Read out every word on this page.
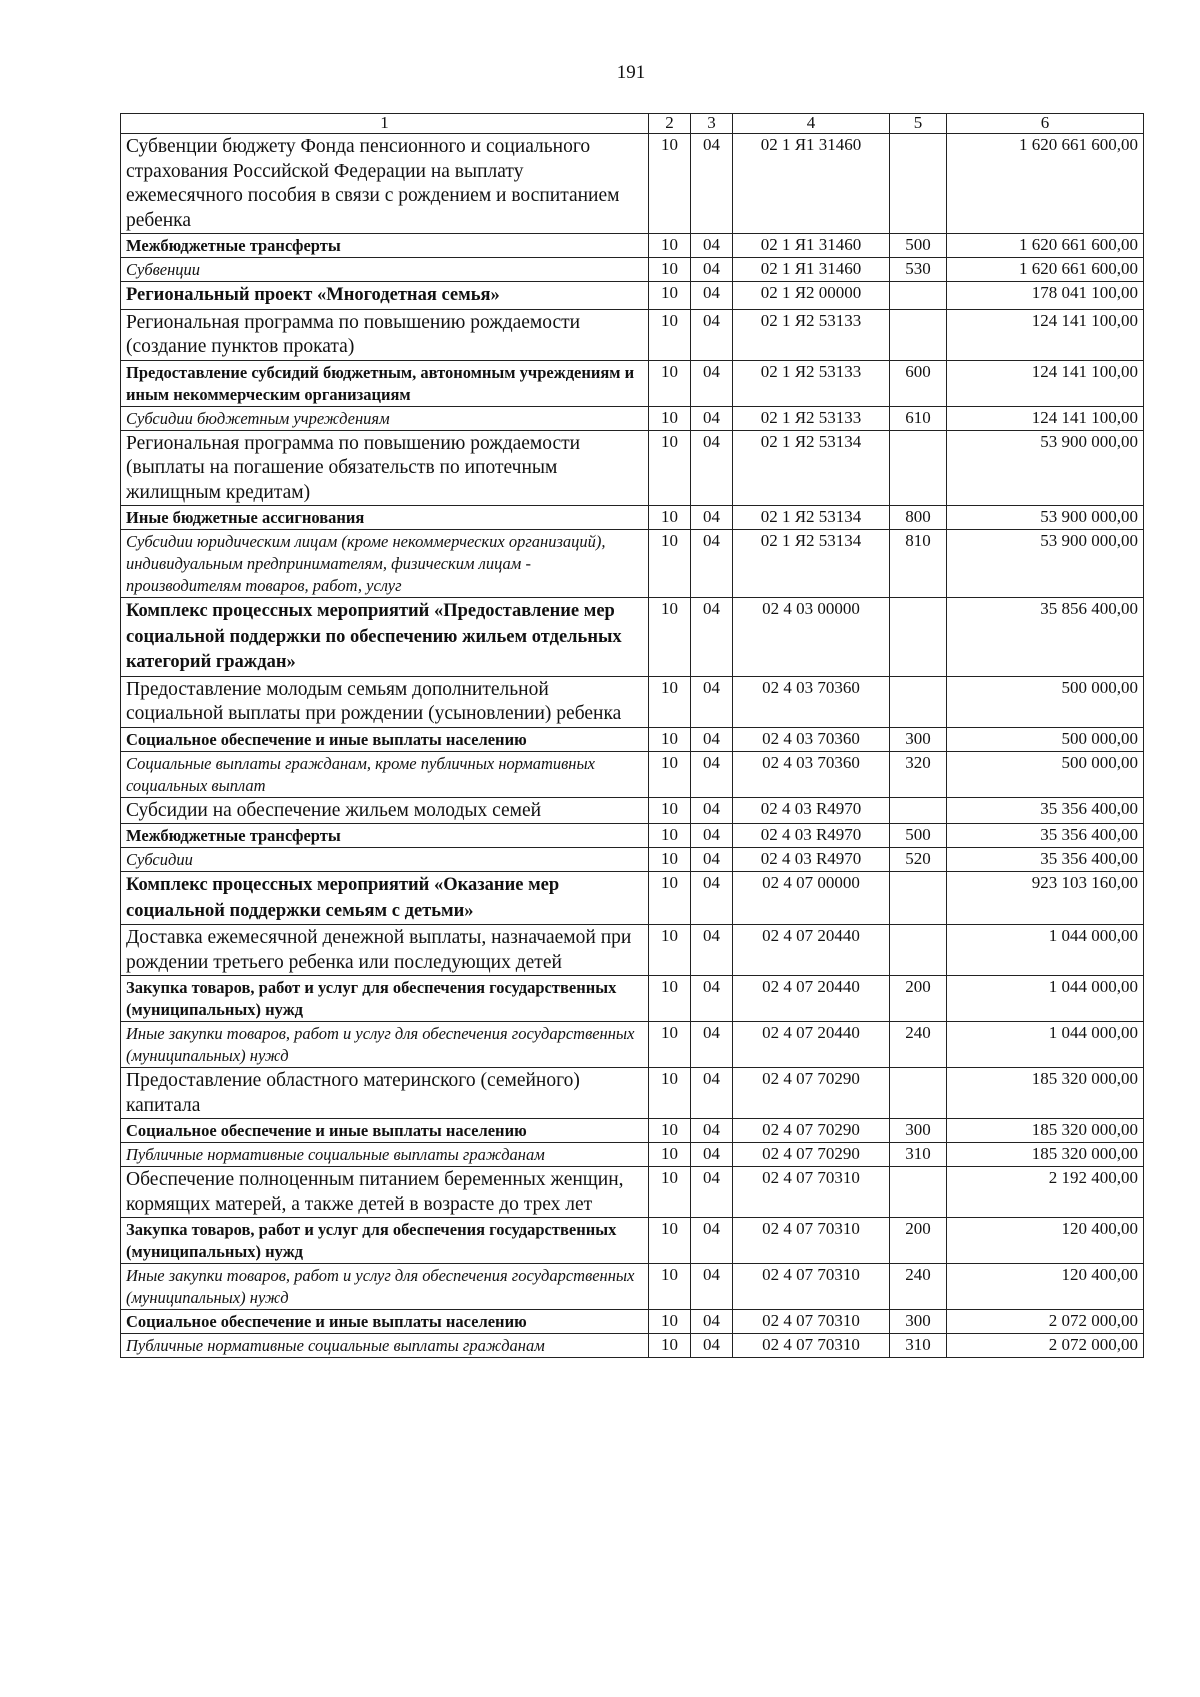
191
1	2	3	4	5	6
Субвенции бюджету Фонда пенсионного и социального страхования Российской Федерации на выплату ежемесячного пособия в связи с рождением и воспитанием ребенка	10	04	02 1 Я1 31460		1 620 661 600,00
Межбюджетные трансферты	10	04	02 1 Я1 31460	500	1 620 661 600,00
Субвенции	10	04	02 1 Я1 31460	530	1 620 661 600,00
Региональный проект «Многодетная семья»	10	04	02 1 Я2 00000		178 041 100,00
Региональная программа по повышению рождаемости (создание пунктов проката)	10	04	02 1 Я2 53133		124 141 100,00
Предоставление субсидий бюджетным, автономным учреждениям и иным некоммерческим организациям	10	04	02 1 Я2 53133	600	124 141 100,00
Субсидии бюджетным учреждениям	10	04	02 1 Я2 53133	610	124 141 100,00
Региональная программа по повышению рождаемости (выплаты на погашение обязательств по ипотечным жилищным кредитам)	10	04	02 1 Я2 53134		53 900 000,00
Иные бюджетные ассигнования	10	04	02 1 Я2 53134	800	53 900 000,00
Субсидии юридическим лицам (кроме некоммерческих организаций), индивидуальным предпринимателям, физическим лицам - производителям товаров, работ, услуг	10	04	02 1 Я2 53134	810	53 900 000,00
Комплекс процессных мероприятий «Предоставление мер социальной поддержки по обеспечению жильем отдельных категорий граждан»	10	04	02 4 03 00000		35 856 400,00
Предоставление молодым семьям дополнительной социальной выплаты при рождении (усыновлении) ребенка	10	04	02 4 03 70360		500 000,00
Социальное обеспечение и иные выплаты населению	10	04	02 4 03 70360	300	500 000,00
Социальные выплаты гражданам, кроме публичных нормативных социальных выплат	10	04	02 4 03 70360	320	500 000,00
Субсидии на обеспечение жильем молодых семей	10	04	02 4 03 R4970		35 356 400,00
Межбюджетные трансферты	10	04	02 4 03 R4970	500	35 356 400,00
Субсидии	10	04	02 4 03 R4970	520	35 356 400,00
Комплекс процессных мероприятий «Оказание мер социальной поддержки семьям с детьми»	10	04	02 4 07 00000		923 103 160,00
Доставка ежемесячной денежной выплаты, назначаемой при рождении третьего ребенка или последующих детей	10	04	02 4 07 20440		1 044 000,00
Закупка товаров, работ и услуг для обеспечения государственных (муниципальных) нужд	10	04	02 4 07 20440	200	1 044 000,00
Иные закупки товаров, работ и услуг для обеспечения государственных (муниципальных) нужд	10	04	02 4 07 20440	240	1 044 000,00
Предоставление областного материнского (семейного) капитала	10	04	02 4 07 70290		185 320 000,00
Социальное обеспечение и иные выплаты населению	10	04	02 4 07 70290	300	185 320 000,00
Публичные нормативные социальные выплаты гражданам	10	04	02 4 07 70290	310	185 320 000,00
Обеспечение полноценным питанием беременных женщин, кормящих матерей, а также детей в возрасте до трех лет	10	04	02 4 07 70310		2 192 400,00
Закупка товаров, работ и услуг для обеспечения государственных (муниципальных) нужд	10	04	02 4 07 70310	200	120 400,00
Иные закупки товаров, работ и услуг для обеспечения государственных (муниципальных) нужд	10	04	02 4 07 70310	240	120 400,00
Социальное обеспечение и иные выплаты населению	10	04	02 4 07 70310	300	2 072 000,00
Публичные нормативные социальные выплаты гражданам	10	04	02 4 07 70310	310	2 072 000,00
